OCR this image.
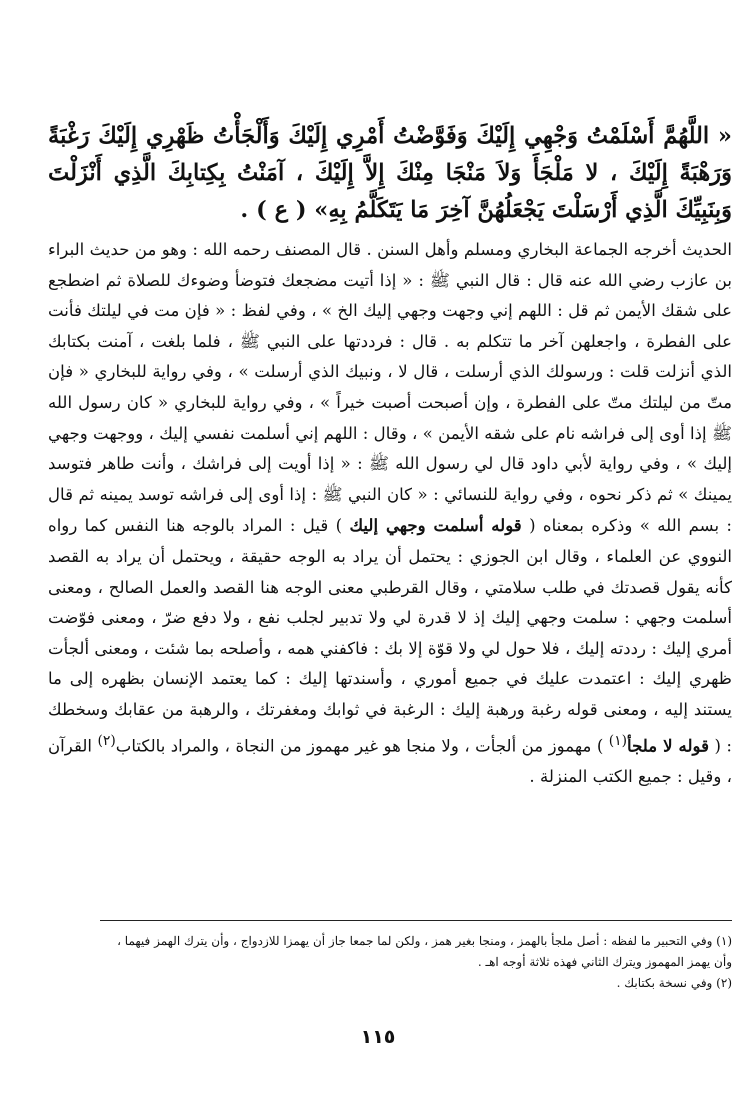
« اللَّهُمَّ أَسْلَمْتُ وَجْهِي إِلَيْكَ وَفَوَّضْتُ أَمْرِي إِلَيْكَ وَأَلْجَأْتُ ظَهْرِي إِلَيْكَ رَغْبَةً وَرَهْبَةً إِلَيْكَ ، لا مَلْجَأَ وَلاَ مَنْجَا مِنْكَ إِلاَّ إِلَيْكَ ، آمَنْتُ بِكِتابِكَ الَّذِي أَنْزَلْتَ وَبِنَبِيِّكَ الَّذِي أَرْسَلْتَ يَجْعَلُهُنَّ آخِرَ مَا يَتَكَلَّمُ بِهِ» ( ع ) .

الحديث أخرجه الجماعة البخاري ومسلم وأهل السنن . قال المصنف رحمه الله : وهو من حديث البراء بن عازب رضي الله عنه قال : قال النبي ﷺ : « إذا أتيت مضجعك فتوضأ وضوءك للصلاة ثم اضطجع على شقك الأيمن ثم قل : اللهم إني وجهت وجهي إليك الخ » ، وفي لفظ : « فإن مت في ليلتك فأنت على الفطرة ، واجعلهن آخر ما تتكلم به . قال : فرددتها على النبي ﷺ ، فلما بلغت ، آمنت بكتابك الذي أنزلت قلت : ورسولك الذي أرسلت ، قال لا ، ونبيك الذي أرسلت » ، وفي رواية للبخاري « فإن متّ من ليلتك متّ على الفطرة ، وإن أصبحت أصبت خيراً » ، وفي رواية للبخاري « كان رسول الله ﷺ إذا أوى إلى فراشه نام على شقه الأيمن » ، وقال : اللهم إني أسلمت نفسي إليك ، ووجهت وجهي إليك » ، وفي رواية لأبي داود قال لي رسول الله ﷺ : « إذا أويت إلى فراشك ، وأنت طاهر فتوسد يمينك » ثم ذكر نحوه ، وفي رواية للنسائي : « كان النبي ﷺ : إذا أوى إلى فراشه توسد يمينه ثم قال : بسم الله » وذكره بمعناه ( قوله أسلمت وجهي إليك ) قيل : المراد بالوجه هنا النفس كما رواه النووي عن العلماء ، وقال ابن الجوزي : يحتمل أن يراد به الوجه حقيقة ، ويحتمل أن يراد به القصد كأنه يقول قصدتك في طلب سلامتي ، وقال القرطبي معنى الوجه هنا القصد والعمل الصالح ، ومعنى أسلمت وجهي : سلمت وجهي إليك إذ لا قدرة لي ولا تدبير لجلب نفع ، ولا دفع ضرّ ، ومعنى فوّضت أمري إليك : رددته إليك ، فلا حول لي ولا قوّة إلا بك : فاكفني همه ، وأصلحه بما شئت ، ومعنى ألجأت ظهري إليك : اعتمدت عليك في جميع أموري ، وأسندتها إليك : كما يعتمد الإنسان بظهره إلى ما يستند إليه ، ومعنى قوله رغبة ورهبة إليك : الرغبة في ثوابك ومغفرتك ، والرهبة من عقابك وسخطك : ( قوله لا ملجأ$^{(١)}$ ) مهموز من ألجأت ، ولا منجا هو غير مهموز من النجاة ، والمراد بالكتاب$^{(٢)}$ القرآن ، وقيل : جميع الكتب المنزلة .

(١) وفي التحبير ما لفظه : أصل ملجأ بالهمز ، ومنجا بغير همز ، ولكن لما جمعا جاز أن يهمزا للازدواج ، وأن يترك الهمز فيهما ، وأن يهمز المهموز ويترك الثاني فهذه ثلاثة أوجه اهـ .

(٢) وفي نسخة بكتابك .

١١٥
